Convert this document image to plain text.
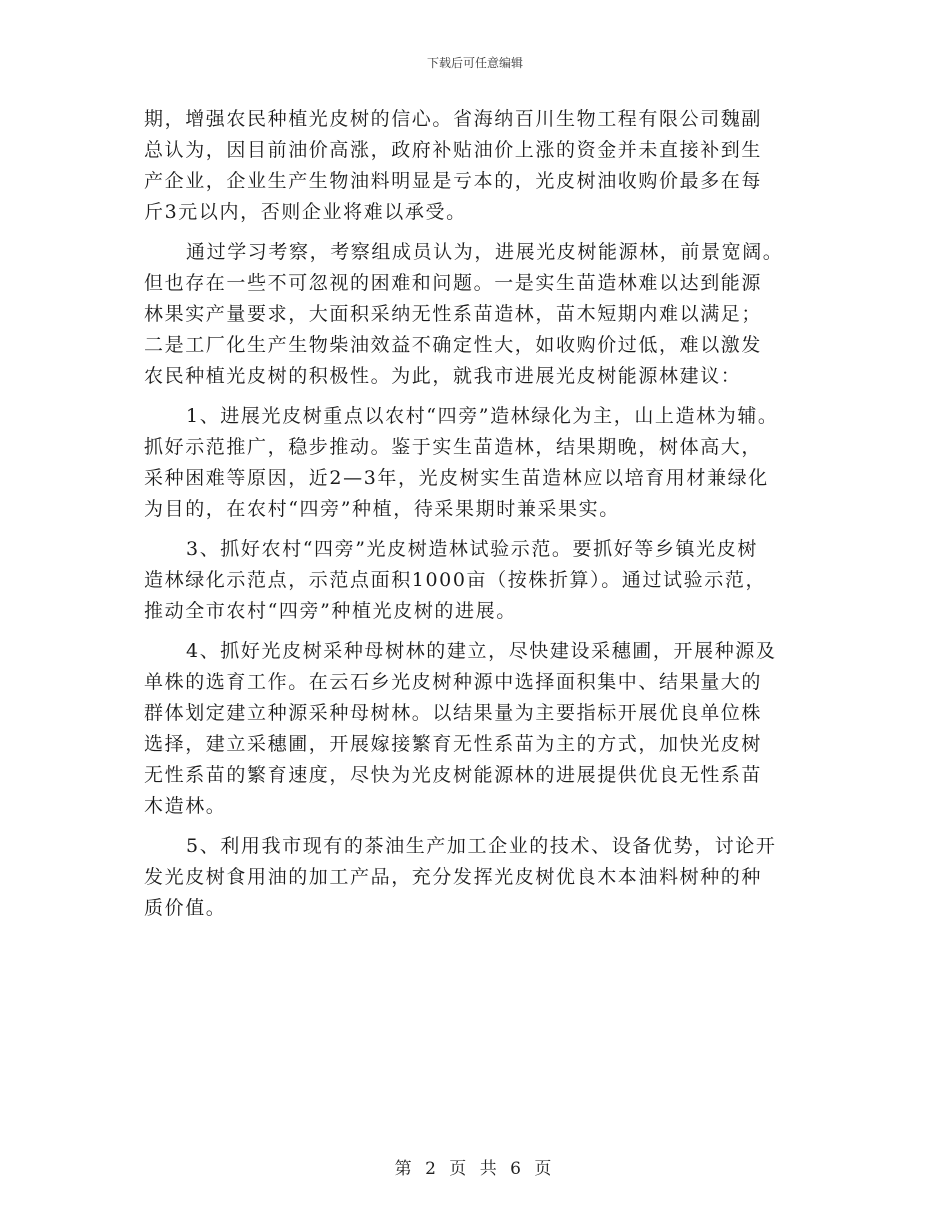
下载后可任意编辑
期，增强农民种植光皮树的信心。省海纳百川生物工程有限公司魏副
总认为，因目前油价高涨，政府补贴油价上涨的资金并未直接补到生
产企业，企业生产生物油料明显是亏本的，光皮树油收购价最多在每
斤3元以内，否则企业将难以承受。
通过学习考察，考察组成员认为，进展光皮树能源林，前景宽阔。
但也存在一些不可忽视的困难和问题。一是实生苗造林难以达到能源
林果实产量要求，大面积采纳无性系苗造林，苗木短期内难以满足；
二是工厂化生产生物柴油效益不确定性大，如收购价过低，难以激发
农民种植光皮树的积极性。为此，就我市进展光皮树能源林建议：
1、进展光皮树重点以农村“四旁”造林绿化为主，山上造林为辅。
抓好示范推广，稳步推动。鉴于实生苗造林，结果期晚，树体高大，
采种困难等原因，近2—3年，光皮树实生苗造林应以培育用材兼绿化
为目的，在农村“四旁”种植，待采果期时兼采果实。
3、抓好农村“四旁”光皮树造林试验示范。要抓好等乡镇光皮树
造林绿化示范点，示范点面积1000亩（按株折算）。通过试验示范，
推动全市农村“四旁”种植光皮树的进展。
4、抓好光皮树采种母树林的建立，尽快建设采穗圃，开展种源及
单株的选育工作。在云石乡光皮树种源中选择面积集中、结果量大的
群体划定建立种源采种母树林。以结果量为主要指标开展优良单位株
选择，建立采穗圃，开展嫁接繁育无性系苗为主的方式，加快光皮树
无性系苗的繁育速度，尽快为光皮树能源林的进展提供优良无性系苗
木造林。
5、利用我市现有的茶油生产加工企业的技术、设备优势，讨论开
发光皮树食用油的加工产品，充分发挥光皮树优良木本油料树种的种
质价值。
第 2 页 共 6 页
